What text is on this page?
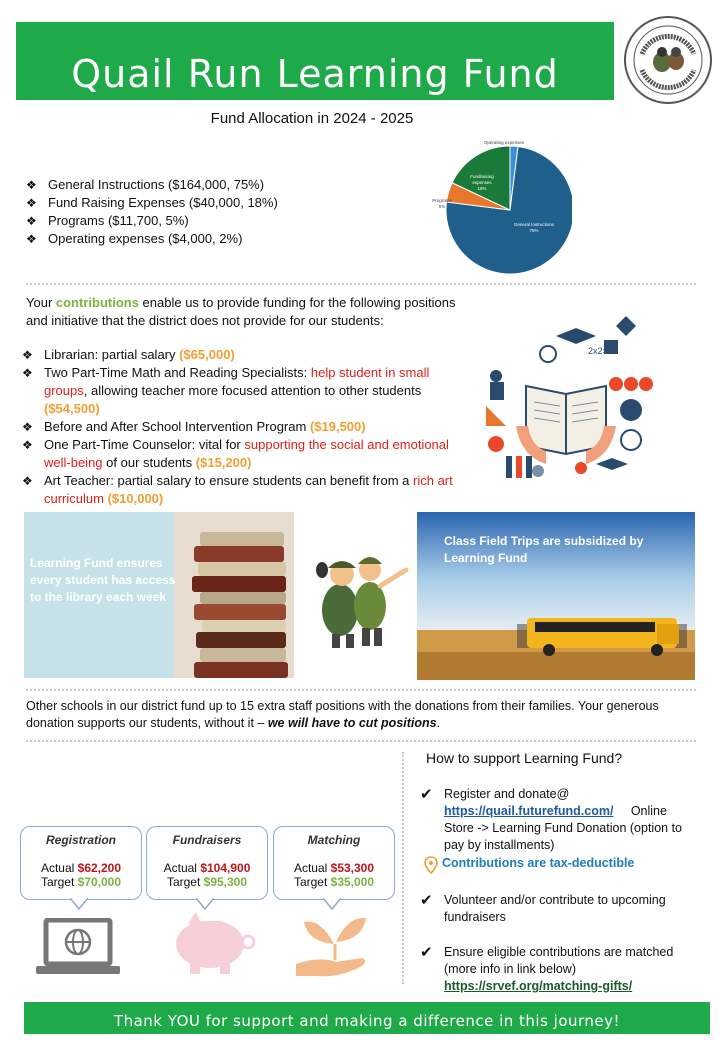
Quail Run Learning Fund
Fund Allocation in 2024 - 2025
❖ General Instructions ($164,000, 75%)
❖ Fund Raising Expenses ($40,000, 18%)
❖ Programs ($11,700, 5%)
❖ Operating expenses ($4,000, 2%)
General Instructions
75%
Fundraising
expenses
18%
Programs
5%
Operating expenses
2%
Your contributions enable us to provide funding for the following positions and initiative that the district does not provide for our students:
❖ Librarian: partial salary ($65,000)
❖ Two Part-Time Math and Reading Specialists: help student in small groups, allowing teacher more focused attention to other students ($54,500)
❖ Before and After School Intervention Program ($19,500)
❖ One Part-Time Counselor: vital for supporting the social and emotional well-being of our students ($15,200)
❖ Art Teacher: partial salary to ensure students can benefit from a rich art curriculum ($10,000)
2x2=
Learning Fund ensures every student has access to the library each week
Class Field Trips are subsidized by Learning Fund
Other schools in our district fund up to 15 extra staff positions with the donations from their families. Your generous donation supports our students, without it – we will have to cut positions.
How to support Learning Fund?
✔ Register and donate@
https://quail.futurefund.com/ Online Store -> Learning Fund Donation (option to pay by installments)
Contributions are tax-deductible
✔ Volunteer and/or contribute to upcoming fundraisers
✔ Ensure eligible contributions are matched (more info in link below)
https://srvef.org/matching-gifts/
Registration
Actual $62,200
Target $70,000
Fundraisers
Actual $104,900
Target $95,300
Matching
Actual $53,300
Target $35,000
Thank YOU for support and making a difference in this journey!
